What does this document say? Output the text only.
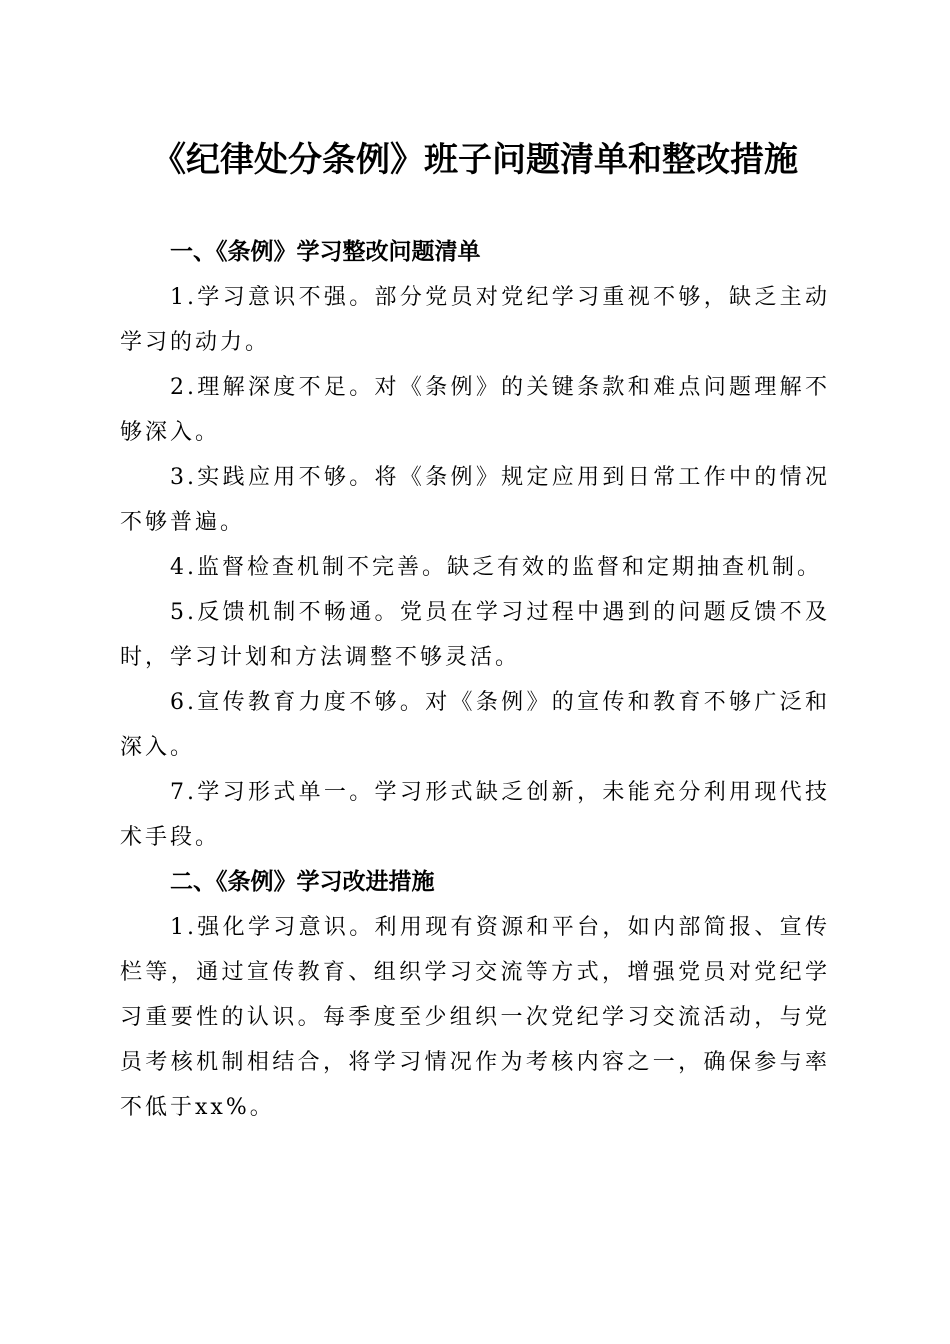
《纪律处分条例》班子问题清单和整改措施

一、《条例》学习整改问题清单

1.学习意识不强。部分党员对党纪学习重视不够，缺乏主动学习的动力。

2.理解深度不足。对《条例》的关键条款和难点问题理解不够深入。

3.实践应用不够。将《条例》规定应用到日常工作中的情况不够普遍。

4.监督检查机制不完善。缺乏有效的监督和定期抽查机制。

5.反馈机制不畅通。党员在学习过程中遇到的问题反馈不及时，学习计划和方法调整不够灵活。

6.宣传教育力度不够。对《条例》的宣传和教育不够广泛和深入。

7.学习形式单一。学习形式缺乏创新，未能充分利用现代技术手段。

二、《条例》学习改进措施

1.强化学习意识。利用现有资源和平台，如内部简报、宣传栏等，通过宣传教育、组织学习交流等方式，增强党员对党纪学习重要性的认识。每季度至少组织一次党纪学习交流活动，与党员考核机制相结合，将学习情况作为考核内容之一，确保参与率不低于xx%。
